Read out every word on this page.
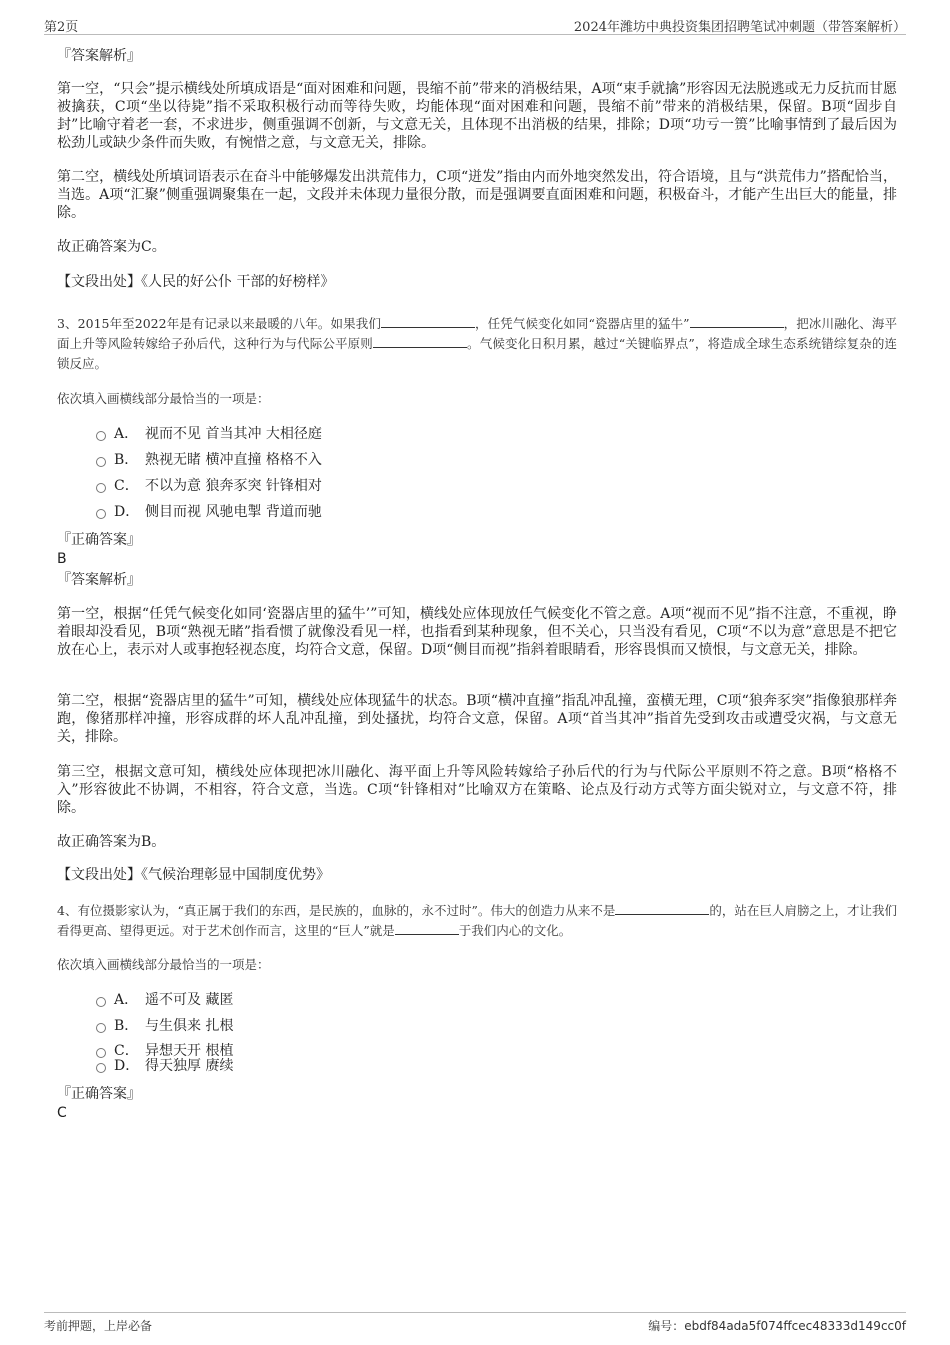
第2页	2024年潍坊中典投资集团招聘笔试冲刺题（带答案解析）
『答案解析』
第一空，“只会”提示横线处所填成语是“面对困难和问题，畏缩不前”带来的消极结果，A项“束手就擒”形容因无法脱逃或无力反抗而甘愿被擒获，C项“坐以待毙”指不采取积极行动而等待失败，均能体现“面对困难和问题，畏缩不前”带来的消极结果，保留。B项“固步自封”比喻守着老一套，不求进步，侧重强调不创新，与文意无关，且体现不出消极的结果，排除；D项“功亏一篑”比喻事情到了最后因为松劲儿或缺少条件而失败，有惋惜之意，与文意无关，排除。
第二空，横线处所填词语表示在奋斗中能够爆发出洪荒伟力，C项“迸发”指由内而外地突然发出，符合语境，且与“洪荒伟力”搭配恰当，当选。A项“汇聚”侧重强调聚集在一起，文段并未体现力量很分散，而是强调要直面困难和问题，积极奋斗，才能产生出巨大的能量，排除。
故正确答案为C。
【文段出处】《人民的好公仆 干部的好榜样》
3、2015年至2022年是有记录以来最暖的八年。如果我们	，任凭气候变化如同“瓷器店里的猛牛”	，把冰川融化、海平面上升等风险转嫁给子孙后代，这种行为与代际公平原则	。气候变化日积月累，越过“关键临界点”，将造成全球生态系统错综复杂的连锁反应。
依次填入画横线部分最恰当的一项是：
A． 视而不见 首当其冲 大相径庭
B． 熟视无睹 横冲直撞 格格不入
C． 不以为意 狼奔豕突 针锋相对
D． 侧目而视 风驰电掣 背道而驰
『正确答案』
B
『答案解析』
第一空，根据“任凭气候变化如同‘瓷器店里的猛牛’”可知，横线处应体现放任气候变化不管之意。A项“视而不见”指不注意，不重视，睁着眼却没看见，B项“熟视无睹”指看惯了就像没看见一样，也指看到某种现象，但不关心，只当没有看见，C项“不以为意”意思是不把它放在心上，表示对人或事抱轻视态度，均符合文意，保留。D项“侧目而视”指斜着眼睛看，形容畏惧而又愤恨，与文意无关，排除。
第二空，根据“瓷器店里的猛牛”可知，横线处应体现猛牛的状态。B项“横冲直撞”指乱冲乱撞，蛮横无理，C项“狼奔豕突”指像狼那样奔跑，像猪那样冲撞，形容成群的坏人乱冲乱撞，到处搔扰，均符合文意，保留。A项“首当其冲”指首先受到攻击或遭受灾祸，与文意无关，排除。
第三空，根据文意可知，横线处应体现把冰川融化、海平面上升等风险转嫁给子孙后代的行为与代际公平原则不符之意。B项“格格不入”形容彼此不协调，不相容，符合文意，当选。C项“针锋相对”比喻双方在策略、论点及行动方式等方面尖锐对立，与文意不符，排除。
故正确答案为B。
【文段出处】《气候治理彰显中国制度优势》
4、有位摄影家认为，“真正属于我们的东西，是民族的，血脉的，永不过时”。伟大的创造力从来不是	的，站在巨人肩膀之上，才让我们看得更高、望得更远。对于艺术创作而言，这里的“巨人”就是	于我们内心的文化。
依次填入画横线部分最恰当的一项是：
A． 遥不可及 藏匿
B． 与生俱来 扎根
C． 异想天开 根植
D． 得天独厚 赓续
『正确答案』
C
考前押题，上岸必备	编号：ebdf84ada5f074ffcec48333d149cc0f
